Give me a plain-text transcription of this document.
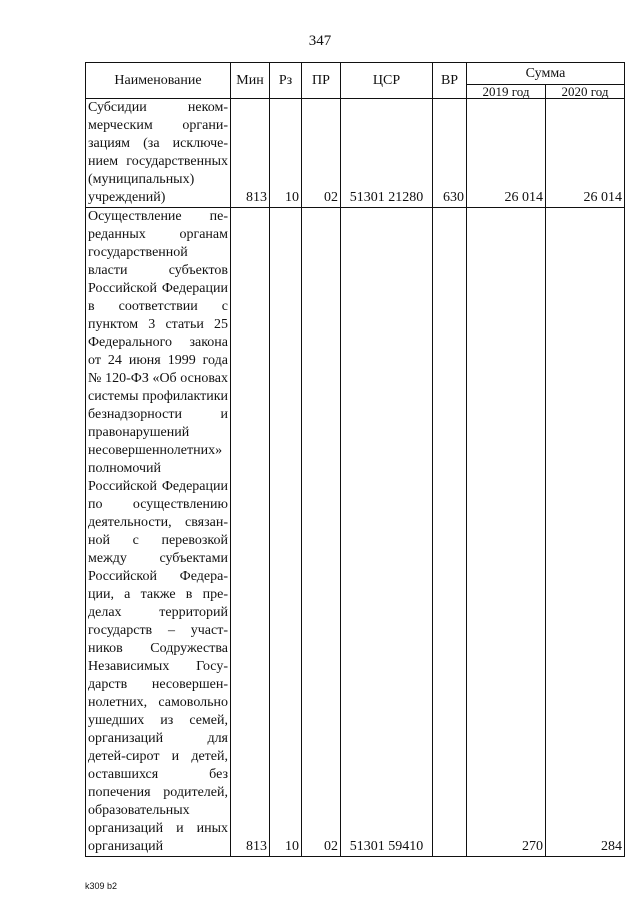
347
Наименование	Мин	Рз	ПР	ЦСР	ВР	Сумма	
						2019 год	2020 год
Субсидии некоммерческим организациям (за исключением государственных (муниципальных) учреждений)	813	10	02	51301 21280	630	26 014	26 014
Осуществление переданных органам государственной власти субъектов Российской Федерации в соответствии с пунктом 3 статьи 25 Федерального закона от 24 июня 1999 года № 120-ФЗ «Об основах системы профилактики безнадзорности и правонарушений несовершеннолетних» полномочий Российской Федерации по осуществлению деятельности, связанной с перевозкой между субъектами Российской Федерации, а также в пределах территорий государств – участников Содружества Независимых Государств несовершеннолетних, самовольно ушедших из семей, организаций для детей-сирот и детей, оставшихся без попечения родителей, образовательных организаций и иных организаций	813	10	02	51301 59410		270	284
k309 b2
